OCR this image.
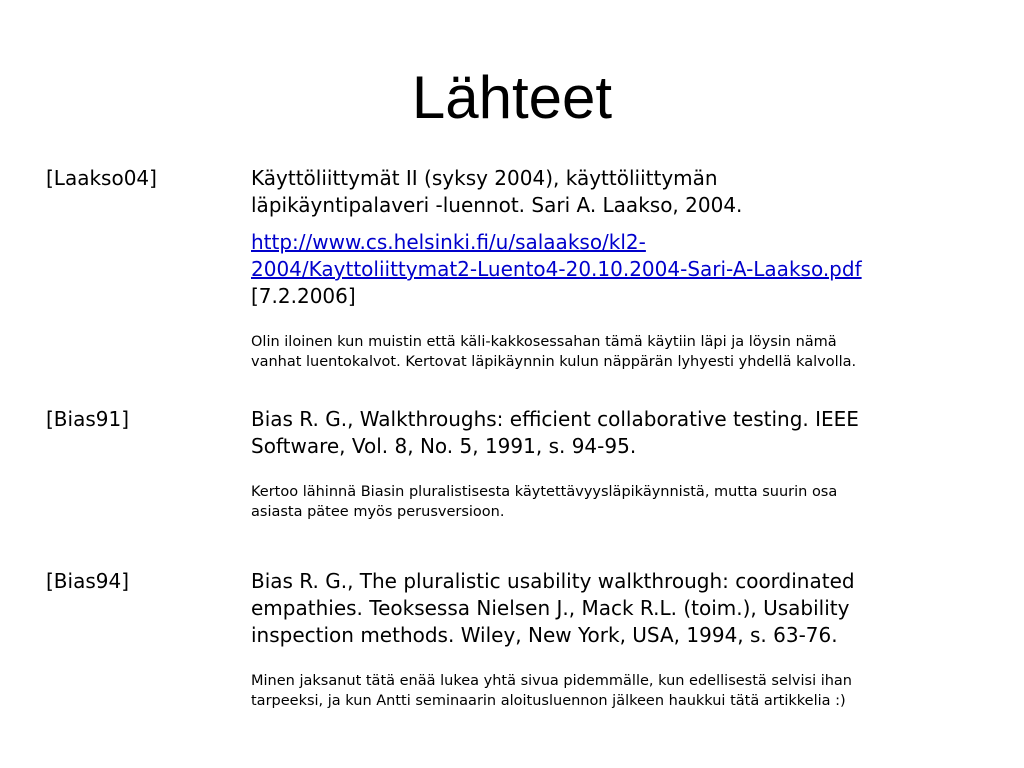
Lähteet
[Laakso04]	Käyttöliittymät II (syksy 2004), käyttöliittymän
läpikäyntipalaveri -luennot. Sari A. Laakso, 2004.

http://www.cs.helsinki.fi/u/salaakso/kl2-
2004/Kayttoliittymat2-Luento4-20.10.2004-Sari-A-Laakso.pdf
[7.2.2006]

Olin iloinen kun muistin että käli-kakkosessahan tämä käytiin läpi ja löysin nämä
vanhat luentokalvot. Kertovat läpikäynnin kulun näppärän lyhyesti yhdellä kalvolla.

[Bias91]	Bias R. G., Walkthroughs: efficient collaborative testing. IEEE
Software, Vol. 8, No. 5, 1991, s. 94-95.

Kertoo lähinnä Biasin pluralistisesta käytettävyysläpikäynnistä, mutta suurin osa
asiasta pätee myös perusversioon.

[Bias94]	Bias R. G., The pluralistic usability walkthrough: coordinated
empathies. Teoksessa Nielsen J., Mack R.L. (toim.), Usability
inspection methods. Wiley, New York, USA, 1994, s. 63-76.

Minen jaksanut tätä enää lukea yhtä sivua pidemmälle, kun edellisestä selvisi ihan
tarpeeksi, ja kun Antti seminaarin aloitusluennon jälkeen haukkui tätä artikkelia :)
